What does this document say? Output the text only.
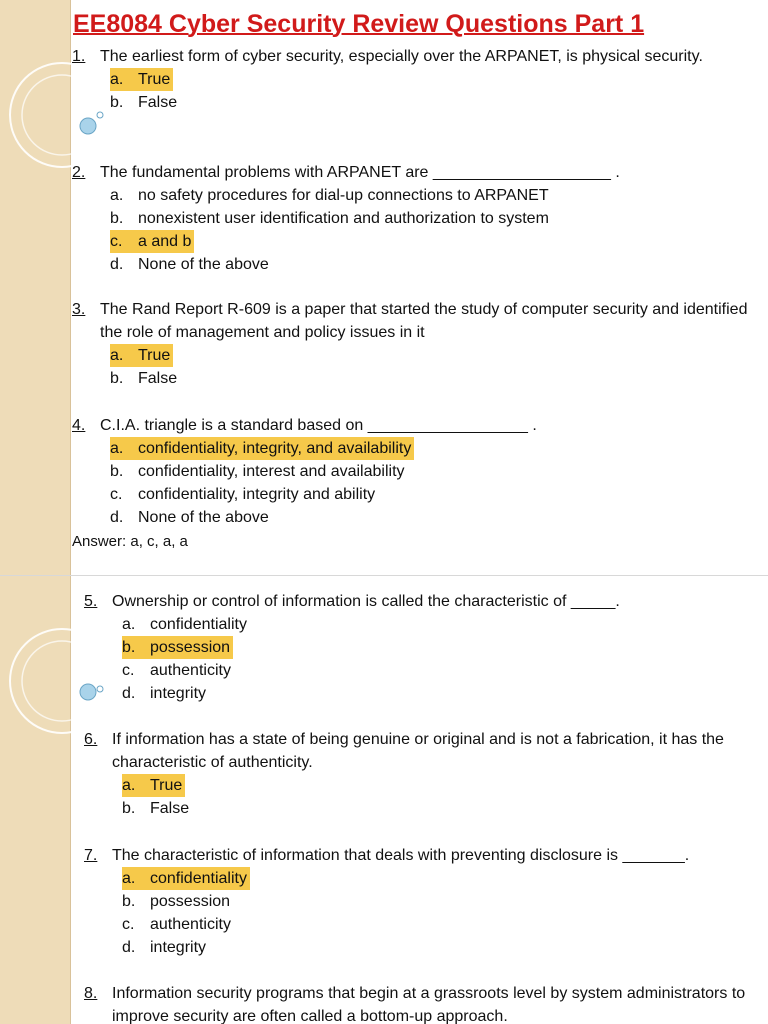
EE8084 Cyber Security Review Questions Part 1
1. The earliest form of cyber security, especially over the ARPANET, is physical security.
a. True
b. False
2. The fundamental problems with ARPANET are ____________________ .
a. no safety procedures for dial-up connections to ARPANET
b. nonexistent user identification and authorization to system
c. a and b
d. None of the above
3. The Rand Report R-609 is a paper that started the study of computer security and identified the role of management and policy issues in it
a. True
b. False
4. C.I.A. triangle is a standard based on __________________ .
a. confidentiality, integrity, and availability
b. confidentiality, interest and availability
c. confidentiality, integrity and ability
d. None of the above
Answer: a, c, a, a
5. Ownership or control of information is called the characteristic of _____.
a. confidentiality
b. possession
c. authenticity
d. integrity
6. If information has a state of being genuine or original and is not a fabrication, it has the characteristic of authenticity.
a. True
b. False
7. The characteristic of information that deals with preventing disclosure is _______.
a. confidentiality
b. possession
c. authenticity
d. integrity
8. Information security programs that begin at a grassroots level by system administrators to improve security are often called a bottom-up approach.
